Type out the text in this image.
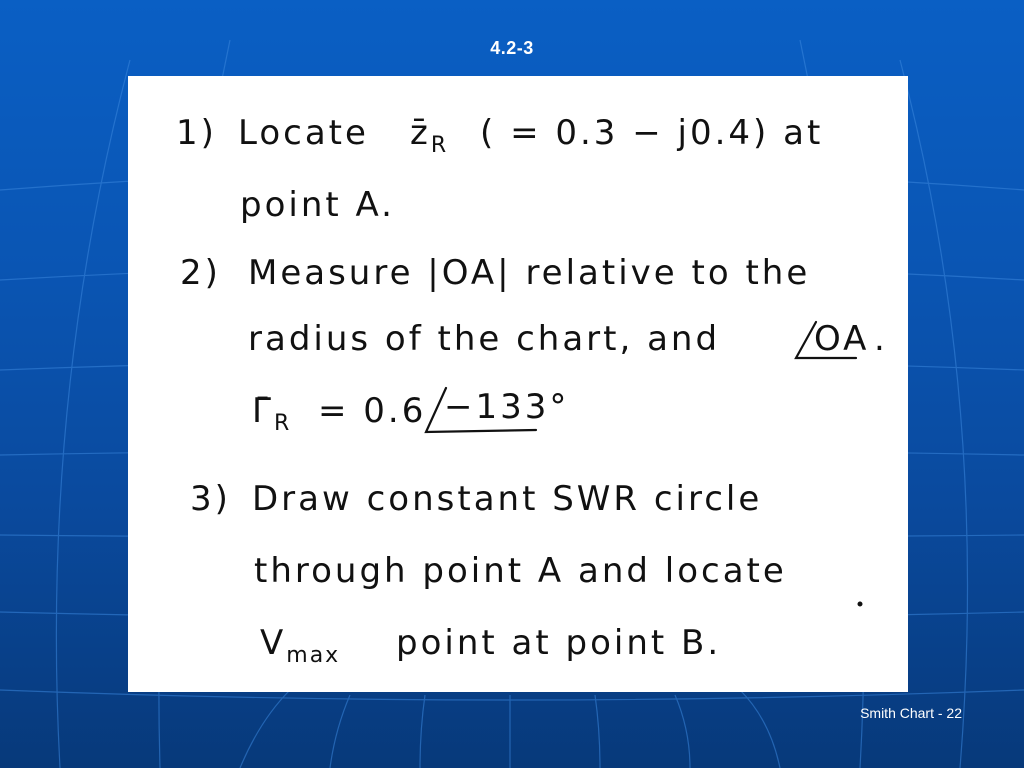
4.2-3
1) Locate $z̄_R$ ( = 0.3 − j0.4) at
point A.
2) Measure |OA| relative to the
radius of the chart, and	OA .
$\Gammā_R = 0.6 -133^\circ$
3) Draw constant SWR circle
through point A and locate
$V_{max}$ point at point B.
Smith Chart - 22
